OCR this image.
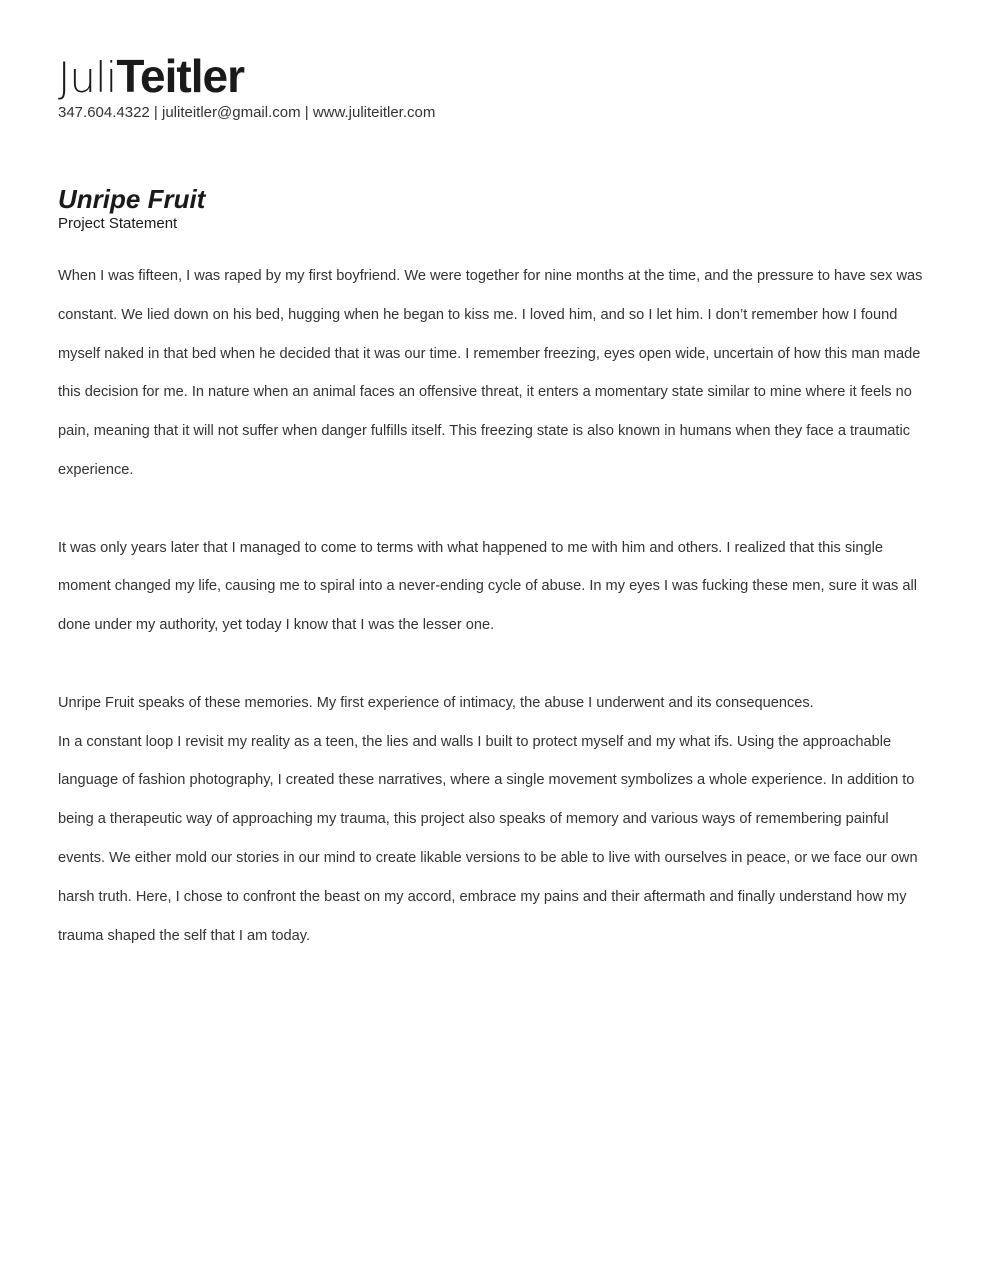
JuliTeitler
347.604.4322 | juliteitler@gmail.com | www.juliteitler.com
Unripe Fruit
Project Statement

When I was fifteen, I was raped by my first boyfriend. We were together for nine months at the time, and the pressure to have sex was constant. We lied down on his bed, hugging when he began to kiss me. I loved him, and so I let him. I don’t remember how I found myself naked in that bed when he decided that it was our time. I remember freezing, eyes open wide, uncertain of how this man made this decision for me. In nature when an animal faces an offensive threat, it enters a momentary state similar to mine where it feels no pain, meaning that it will not suffer when danger fulfills itself. This freezing state is also known in humans when they face a traumatic experience.

It was only years later that I managed to come to terms with what happened to me with him and others. I realized that this single moment changed my life, causing me to spiral into a never-ending cycle of abuse. In my eyes I was fucking these men, sure it was all done under my authority, yet today I know that I was the lesser one.

Unripe Fruit speaks of these memories. My first experience of intimacy, the abuse I underwent and its consequences.

In a constant loop I revisit my reality as a teen, the lies and walls I built to protect myself and my what ifs. Using the approachable language of fashion photography, I created these narratives, where a single movement symbolizes a whole experience. In addition to being a therapeutic way of approaching my trauma, this project also speaks of memory and various ways of remembering painful events. We either mold our stories in our mind to create likable versions to be able to live with ourselves in peace, or we face our own harsh truth. Here, I chose to confront the beast on my accord, embrace my pains and their aftermath and finally understand how my trauma shaped the self that I am today.
